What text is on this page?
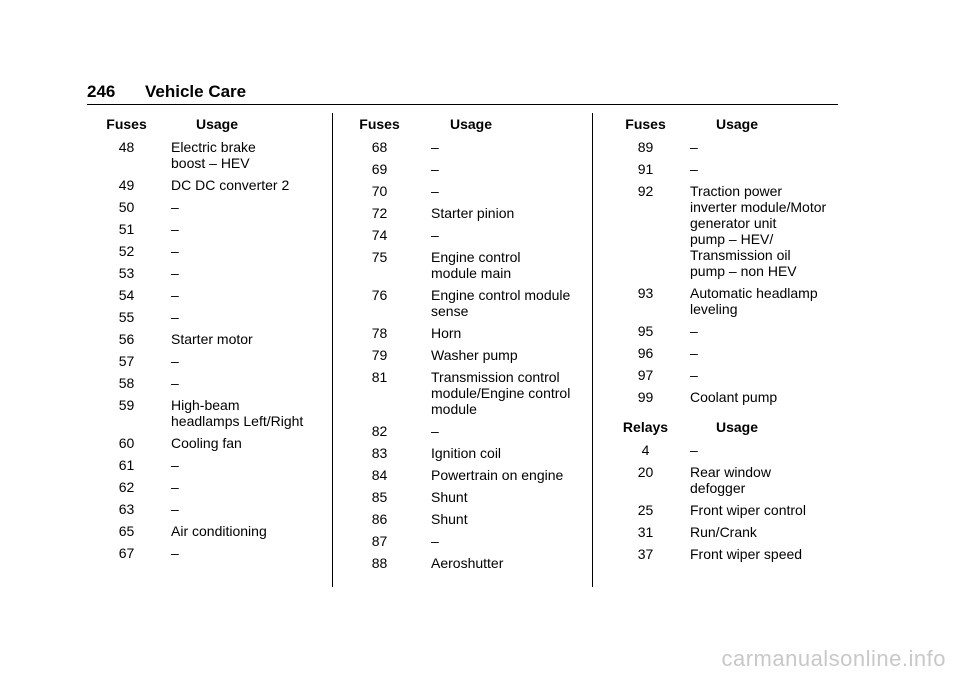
246 Vehicle Care
Fuses	Usage
48	Electric brake
boost – HEV
49	DC DC converter 2
50	–
51	–
52	–
53	–
54	–
55	–
56	Starter motor
57	–
58	–
59	High-beam
headlamps Left/Right
60	Cooling fan
61	–
62	–
63	–
65	Air conditioning
67	–
Fuses	Usage
68	–
69	–
70	–
72	Starter pinion
74	–
75	Engine control
module main
76	Engine control module
sense
78	Horn
79	Washer pump
81	Transmission control
module/Engine control
module
82	–
83	Ignition coil
84	Powertrain on engine
85	Shunt
86	Shunt
87	–
88	Aeroshutter
Fuses	Usage
89	–
91	–
92	Traction power
inverter module/Motor
generator unit
pump – HEV/
Transmission oil
pump – non HEV
93	Automatic headlamp
leveling
95	–
96	–
97	–
99	Coolant pump
Relays	Usage
4	–
20	Rear window
defogger
25	Front wiper control
31	Run/Crank
37	Front wiper speed
carmanualsonline.info
